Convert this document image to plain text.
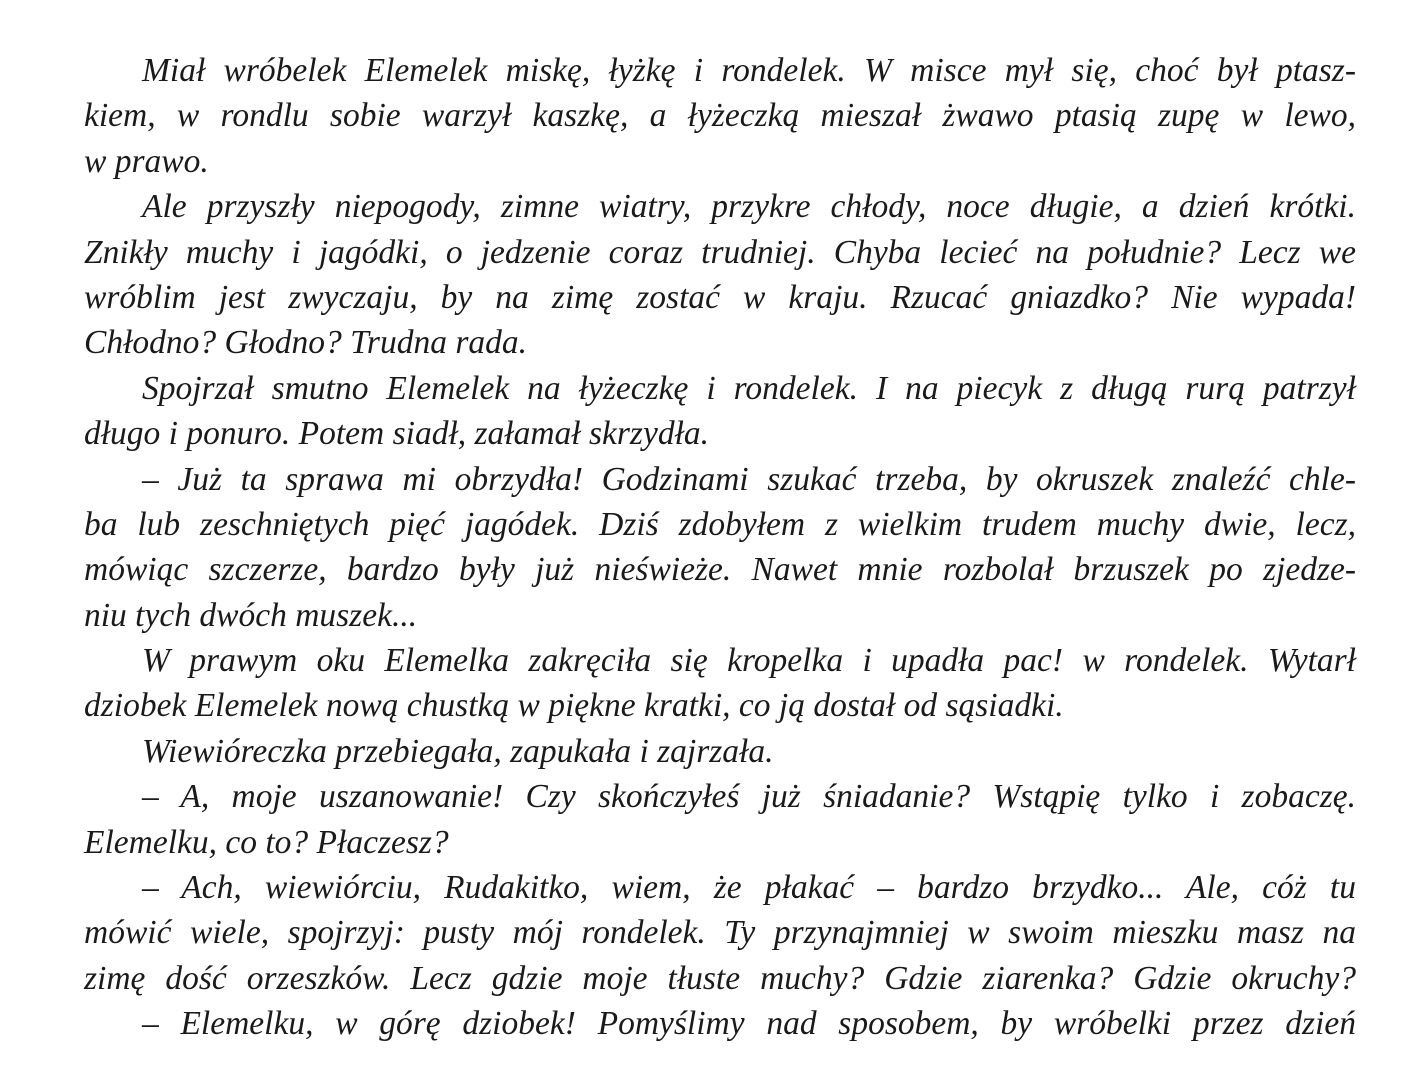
Miał wróbelek Elemelek miskę, łyżkę i rondelek. W misce mył się, choć był ptasz-
kiem, w rondlu sobie warzył kaszkę, a łyżeczką mieszał żwawo ptasią zupę w lewo,
w prawo.
Ale przyszły niepogody, zimne wiatry, przykre chłody, noce długie, a dzień krótki.
Znikły muchy i jagódki, o jedzenie coraz trudniej. Chyba lecieć na południe? Lecz we
wróblim jest zwyczaju, by na zimę zostać w kraju. Rzucać gniazdko? Nie wypada!
Chłodno? Głodno? Trudna rada.
Spojrzał smutno Elemelek na łyżeczkę i rondelek. I na piecyk z długą rurą patrzył
długo i ponuro. Potem siadł, załamał skrzydła.
– Już ta sprawa mi obrzydła! Godzinami szukać trzeba, by okruszek znaleźć chle-
ba lub zeschniętych pięć jagódek. Dziś zdobyłem z wielkim trudem muchy dwie, lecz,
mówiąc szczerze, bardzo były już nieświeże. Nawet mnie rozbolał brzuszek po zjedze-
niu tych dwóch muszek...
W prawym oku Elemelka zakręciła się kropelka i upadła pac! w rondelek. Wytarł
dziobek Elemelek nową chustką w piękne kratki, co ją dostał od sąsiadki.
Wiewióreczka przebiegała, zapukała i zajrzała.
– A, moje uszanowanie! Czy skończyłeś już śniadanie? Wstąpię tylko i zobaczę.
Elemelku, co to? Płaczesz?
– Ach, wiewiórciu, Rudakitko, wiem, że płakać – bardzo brzydko... Ale, cóż tu
mówić wiele, spojrzyj: pusty mój rondelek. Ty przynajmniej w swoim mieszku masz na
zimę dość orzeszków. Lecz gdzie moje tłuste muchy? Gdzie ziarenka? Gdzie okruchy?
– Elemelku, w górę dziobek! Pomyślimy nad sposobem, by wróbelki przez dzień
